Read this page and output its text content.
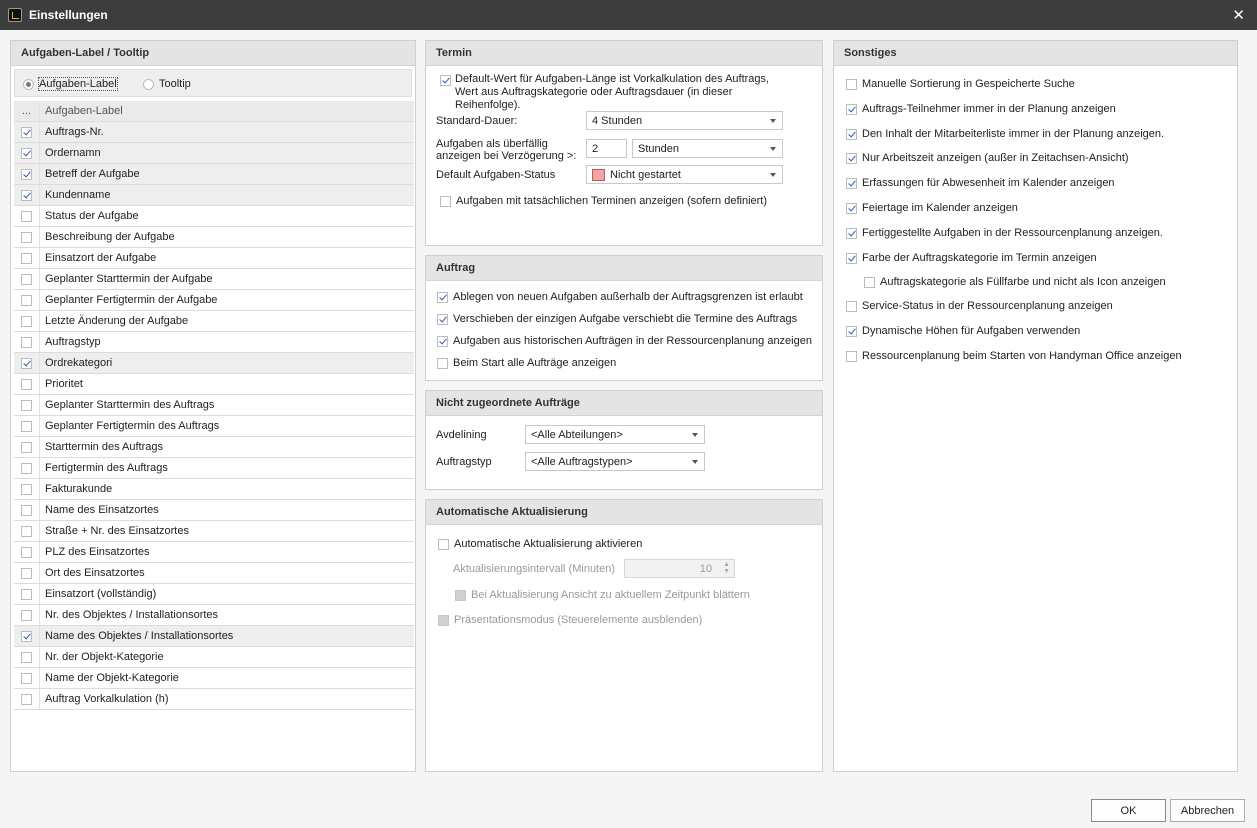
Einstellungen	✕
Aufgaben-Label / Tooltip
Aufgaben-Label	Tooltip
...	Aufgaben-Label
Auftrags-Nr.
Ordernamn
Betreff der Aufgabe
Kundenname
Status der Aufgabe
Beschreibung der Aufgabe
Einsatzort der Aufgabe
Geplanter Starttermin der Aufgabe
Geplanter Fertigtermin der Aufgabe
Letzte Änderung der Aufgabe
Auftragstyp
Ordrekategori
Prioritet
Geplanter Starttermin des Auftrags
Geplanter Fertigtermin des Auftrags
Starttermin des Auftrags
Fertigtermin des Auftrags
Fakturakunde
Name des Einsatzortes
Straße + Nr. des Einsatzortes
PLZ des Einsatzortes
Ort des Einsatzortes
Einsatzort (vollständig)
Nr. des Objektes / Installationsortes
Name des Objektes / Installationsortes
Nr. der Objekt-Kategorie
Name der Objekt-Kategorie
Auftrag Vorkalkulation (h)
Termin
Default-Wert für Aufgaben-Länge ist Vorkalkulation des Auftrags,
Wert aus Auftragskategorie oder Auftragsdauer (in dieser
Reihenfolge).
Standard-Dauer:	4 Stunden
Aufgaben als überfällig
anzeigen bei Verzögerung >:
2	Stunden
Default Aufgaben-Status	Nicht gestartet
Aufgaben mit tatsächlichen Terminen anzeigen (sofern definiert)
Auftrag
Ablegen von neuen Aufgaben außerhalb der Auftragsgrenzen ist erlaubt
Verschieben der einzigen Aufgabe verschiebt die Termine des Auftrags
Aufgaben aus historischen Aufträgen in der Ressourcenplanung anzeigen
Beim Start alle Aufträge anzeigen
Nicht zugeordnete Aufträge
Avdelining	<Alle Abteilungen>
Auftragstyp	<Alle Auftragstypen>
Automatische Aktualisierung
Automatische Aktualisierung aktivieren
Aktualisierungsintervall (Minuten)	10 ▲
▼
Bei Aktualisierung Ansicht zu aktuellem Zeitpunkt blättern
Präsentationsmodus (Steuerelemente ausblenden)
Sonstiges
Manuelle Sortierung in Gespeicherte Suche
Auftrags-Teilnehmer immer in der Planung anzeigen
Den Inhalt der Mitarbeiterliste immer in der Planung anzeigen.
Nur Arbeitszeit anzeigen (außer in Zeitachsen-Ansicht)
Erfassungen für Abwesenheit im Kalender anzeigen
Feiertage im Kalender anzeigen
Fertiggestellte Aufgaben in der Ressourcenplanung anzeigen.
Farbe der Auftragskategorie im Termin anzeigen
Auftragskategorie als Füllfarbe und nicht als Icon anzeigen
Service-Status in der Ressourcenplanung anzeigen
Dynamische Höhen für Aufgaben verwenden
Ressourcenplanung beim Starten von Handyman Office anzeigen
OK	Abbrechen
